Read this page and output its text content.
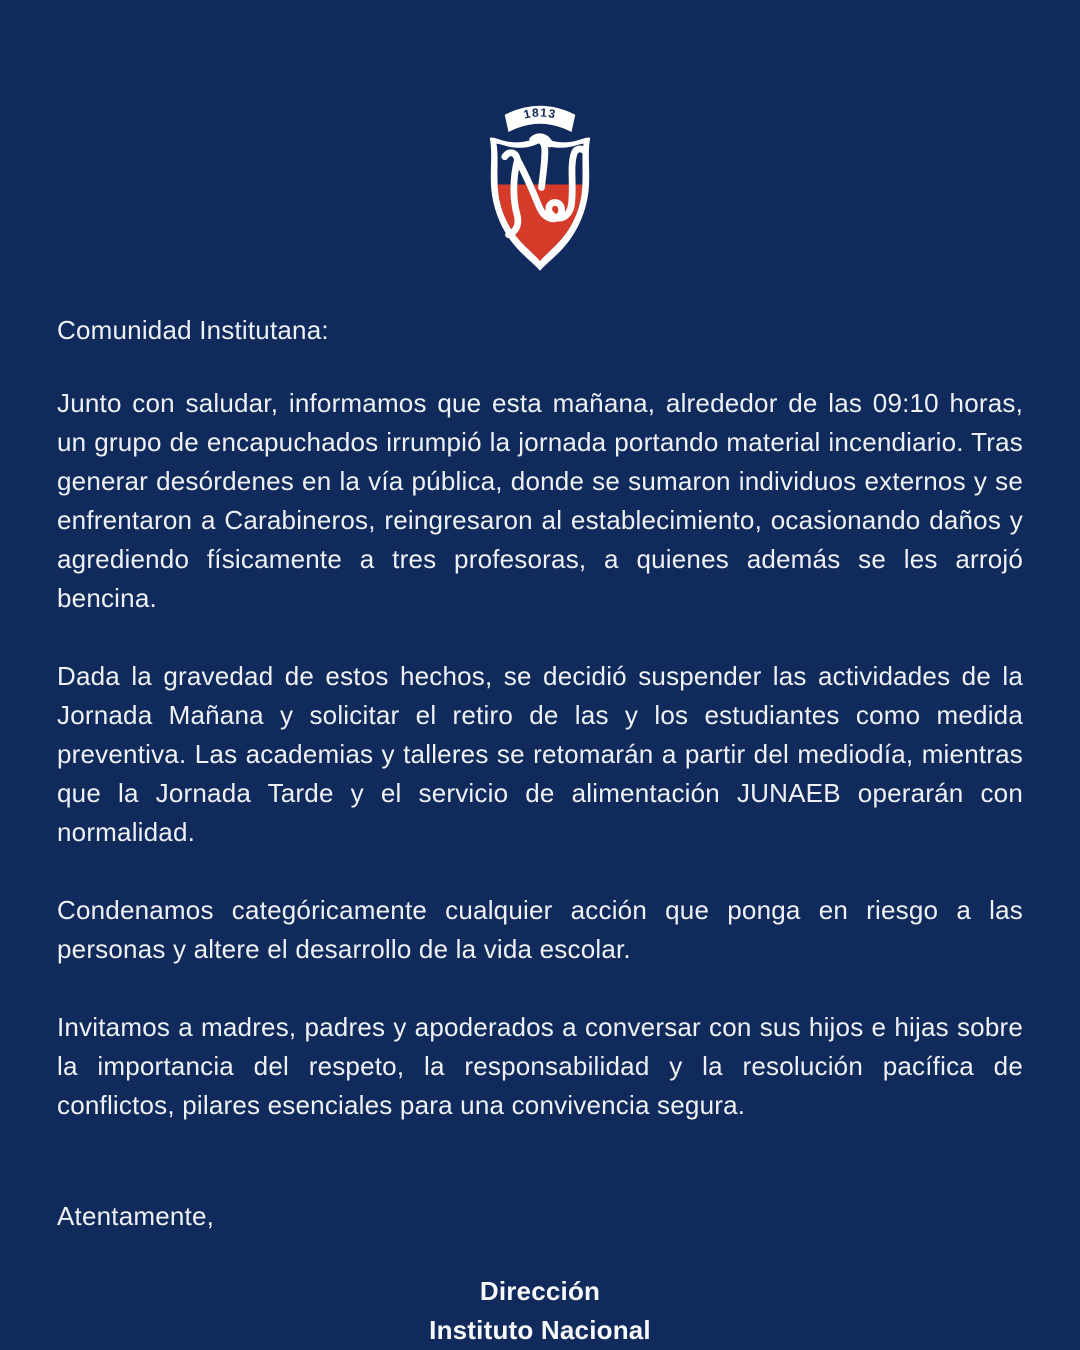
1813

Comunidad Institutana:

Junto con saludar, informamos que esta mañana, alrededor de las 09:10 horas, un grupo de encapuchados irrumpió la jornada portando material incendiario. Tras generar desórdenes en la vía pública, donde se sumaron individuos externos y se enfrentaron a Carabineros, reingresaron al establecimiento, ocasionando daños y agrediendo físicamente a tres profesoras, a quienes además se les arrojó bencina.

Dada la gravedad de estos hechos, se decidió suspender las actividades de la Jornada Mañana y solicitar el retiro de las y los estudiantes como medida preventiva. Las academias y talleres se retomarán a partir del mediodía, mientras que la Jornada Tarde y el servicio de alimentación JUNAEB operarán con normalidad.

Condenamos categóricamente cualquier acción que ponga en riesgo a las personas y altere el desarrollo de la vida escolar.

Invitamos a madres, padres y apoderados a conversar con sus hijos e hijas sobre la importancia del respeto, la responsabilidad y la resolución pacífica de conflictos, pilares esenciales para una convivencia segura.

Atentamente,

Dirección

Instituto Nacional
